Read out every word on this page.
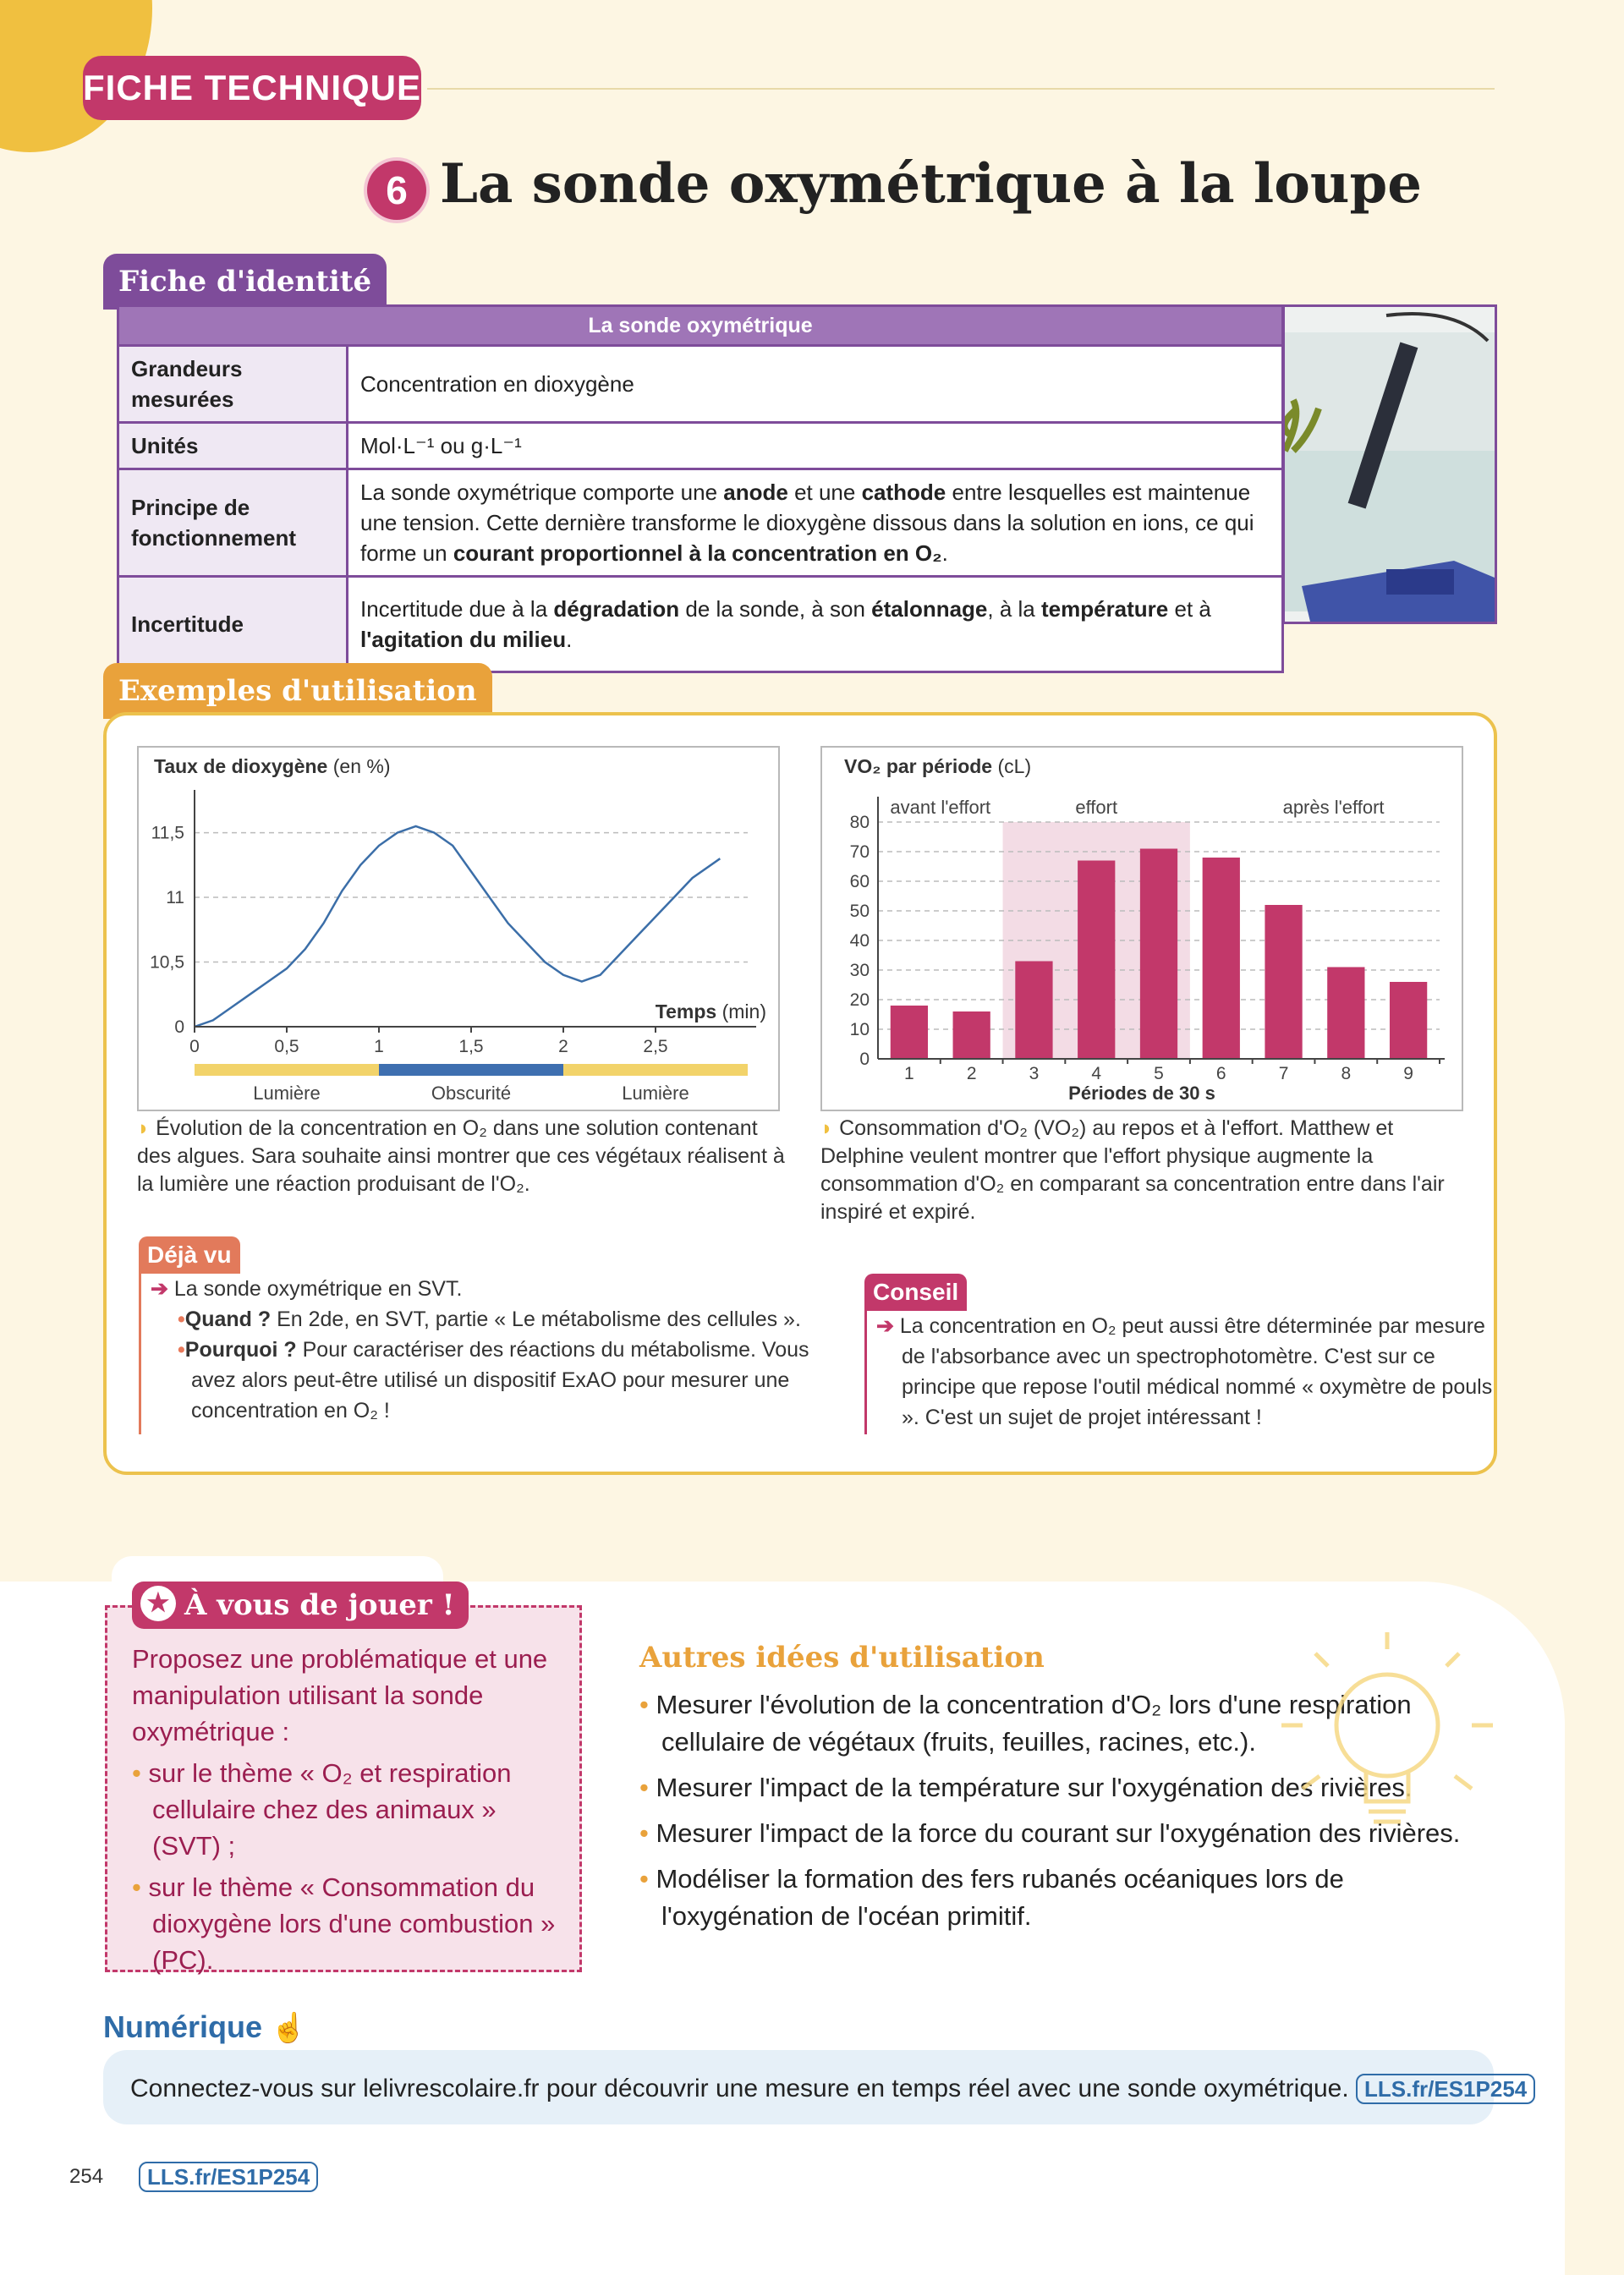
FICHE TECHNIQUE
6 La sonde oxymétrique à la loupe
Fiche d'identité
La sonde oxymétrique	
Grandeurs mesurées	Concentration en dioxygène
Unités	Mol·L⁻¹ ou g·L⁻¹
Principe de fonctionnement	La sonde oxymétrique comporte une anode et une cathode entre lesquelles est maintenue une tension. Cette dernière transforme le dioxygène dissous dans la solution en ions, ce qui forme un courant proportionnel à la concentration en O₂.
Incertitude	Incertitude due à la dégradation de la sonde, à son étalonnage, à la température et à l'agitation du milieu.
Exemples d'utilisation
Taux de dioxygène (en %)
Temps (min)
0
10,5
11
11,5
0	0,5	1	1,5	2	2,5
Lumière	Obscurité	Lumière
◗ Évolution de la concentration en O₂ dans une solution contenant des algues. Sara souhaite ainsi montrer que ces végétaux réalisent à la lumière une réaction produisant de l'O₂.
VO₂ par période (cL)
avant l'effort	effort	après l'effort
0
10
20
30
40
50
60
70
80
1	2	3	4	5	6	7	8	9
Périodes de 30 s
◗ Consommation d'O₂ (VO₂) au repos et à l'effort. Matthew et Delphine veulent montrer que l'effort physique augmente la consommation d'O₂ en comparant sa concentration entre dans l'air inspiré et expiré.
Déjà vu
➔ La sonde oxymétrique en SVT.
•Quand ? En 2de, en SVT, partie « Le métabolisme des cellules ».
•Pourquoi ? Pour caractériser des réactions du métabolisme. Vous avez alors peut-être utilisé un dispositif ExAO pour mesurer une concentration en O₂ !
Conseil
➔ La concentration en O₂ peut aussi être déterminée par mesure de l'absorbance avec un spectrophotomètre. C'est sur ce principe que repose l'outil médical nommé « oxymètre de pouls ». C'est un sujet de projet intéressant !
★ À vous de jouer !
Proposez une problématique et une manipulation utilisant la sonde oxymétrique :
• sur le thème « O₂ et respiration cellulaire chez des animaux » (SVT) ;
• sur le thème « Consommation du dioxygène lors d'une combustion » (PC).
Autres idées d'utilisation
• Mesurer l'évolution de la concentration d'O₂ lors d'une respiration cellulaire de végétaux (fruits, feuilles, racines, etc.).
• Mesurer l'impact de la température sur l'oxygénation des rivières.
• Mesurer l'impact de la force du courant sur l'oxygénation des rivières.
• Modéliser la formation des fers rubanés océaniques lors de l'oxygénation de l'océan primitif.
Numérique ☝
Connectez-vous sur lelivrescolaire.fr pour découvrir une mesure en temps réel avec une sonde oxymétrique. LLS.fr/ES1P254
254	LLS.fr/ES1P254
